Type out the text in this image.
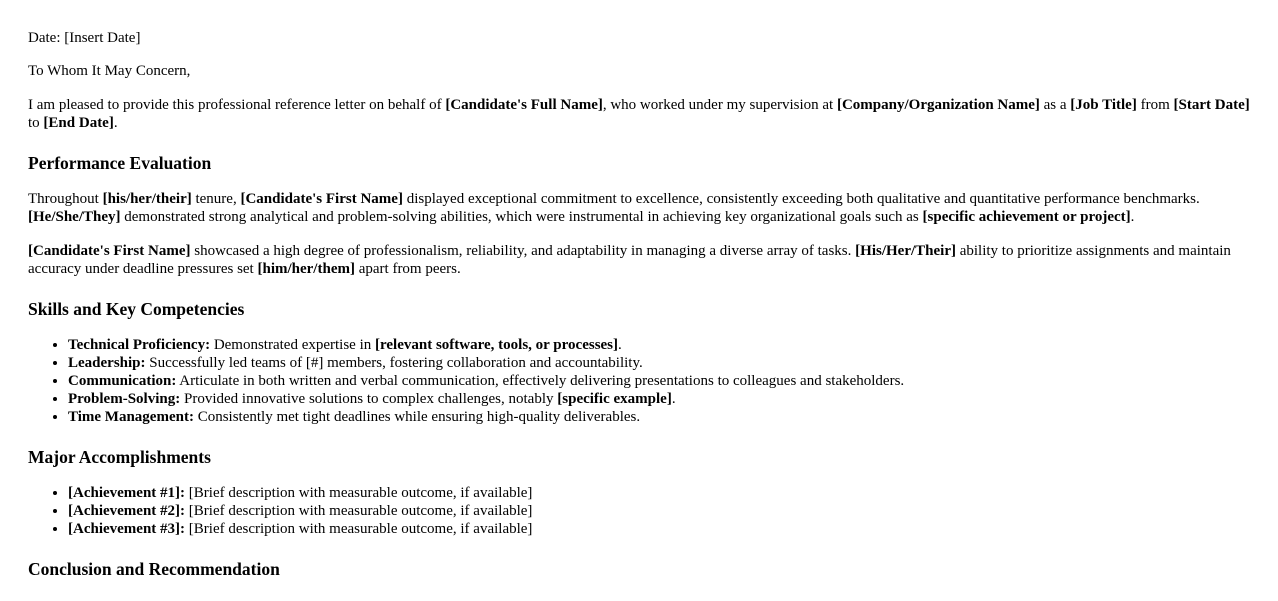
Date: [Insert Date]

To Whom It May Concern,

I am pleased to provide this professional reference letter on behalf of [Candidate's Full Name], who worked under my supervision at [Company/Organization Name] as a [Job Title] from [Start Date] to [End Date].

Performance Evaluation

Throughout [his/her/their] tenure, [Candidate's First Name] displayed exceptional commitment to excellence, consistently exceeding both qualitative and quantitative performance benchmarks. [He/She/They] demonstrated strong analytical and problem-solving abilities, which were instrumental in achieving key organizational goals such as [specific achievement or project].

[Candidate's First Name] showcased a high degree of professionalism, reliability, and adaptability in managing a diverse array of tasks. [His/Her/Their] ability to prioritize assignments and maintain accuracy under deadline pressures set [him/her/them] apart from peers.

Skills and Key Competencies
• Technical Proficiency: Demonstrated expertise in [relevant software, tools, or processes].
• Leadership: Successfully led teams of [#] members, fostering collaboration and accountability.
• Communication: Articulate in both written and verbal communication, effectively delivering presentations to colleagues and stakeholders.
• Problem-Solving: Provided innovative solutions to complex challenges, notably [specific example].
• Time Management: Consistently met tight deadlines while ensuring high-quality deliverables.
Major Accomplishments
• [Achievement #1]: [Brief description with measurable outcome, if available]
• [Achievement #2]: [Brief description with measurable outcome, if available]
• [Achievement #3]: [Brief description with measurable outcome, if available]
Conclusion and Recommendation
